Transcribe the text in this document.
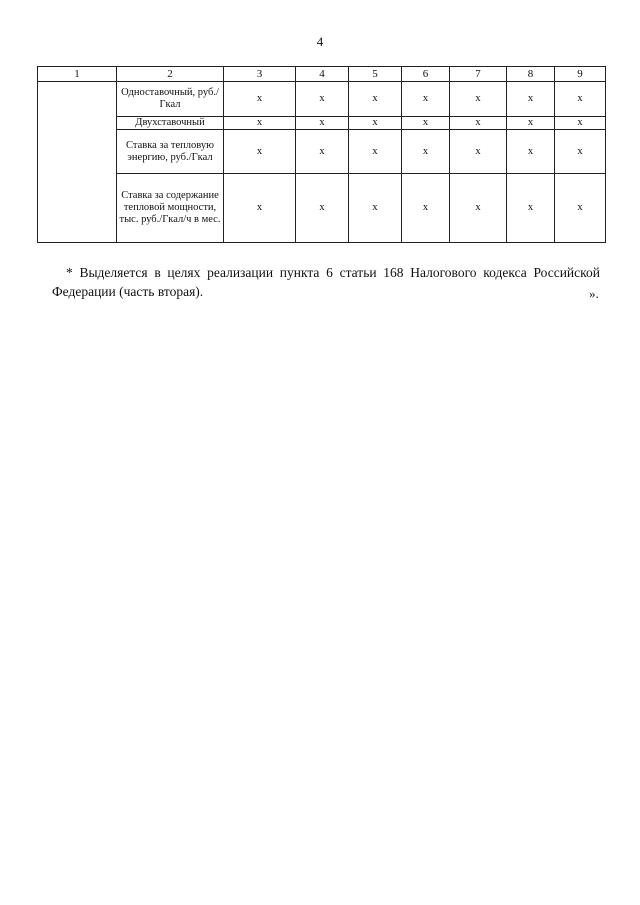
4
1	2	3	4	5	6	7	8	9
	Одноставочный, руб./Гкал	x	x	x	x	x	x	x
	Двухставочный	x	x	x	x	x	x	x
	Ставка за тепловую энергию, руб./Гкал	x	x	x	x	x	x	x
	Ставка за содержание тепловой мощности, тыс. руб./Гкал/ч в мес.	x	x	x	x	x	x	x

* Выделяется в целях реализации пункта 6 статьи 168 Налогового кодекса Российской Федерации (часть вторая).	».
